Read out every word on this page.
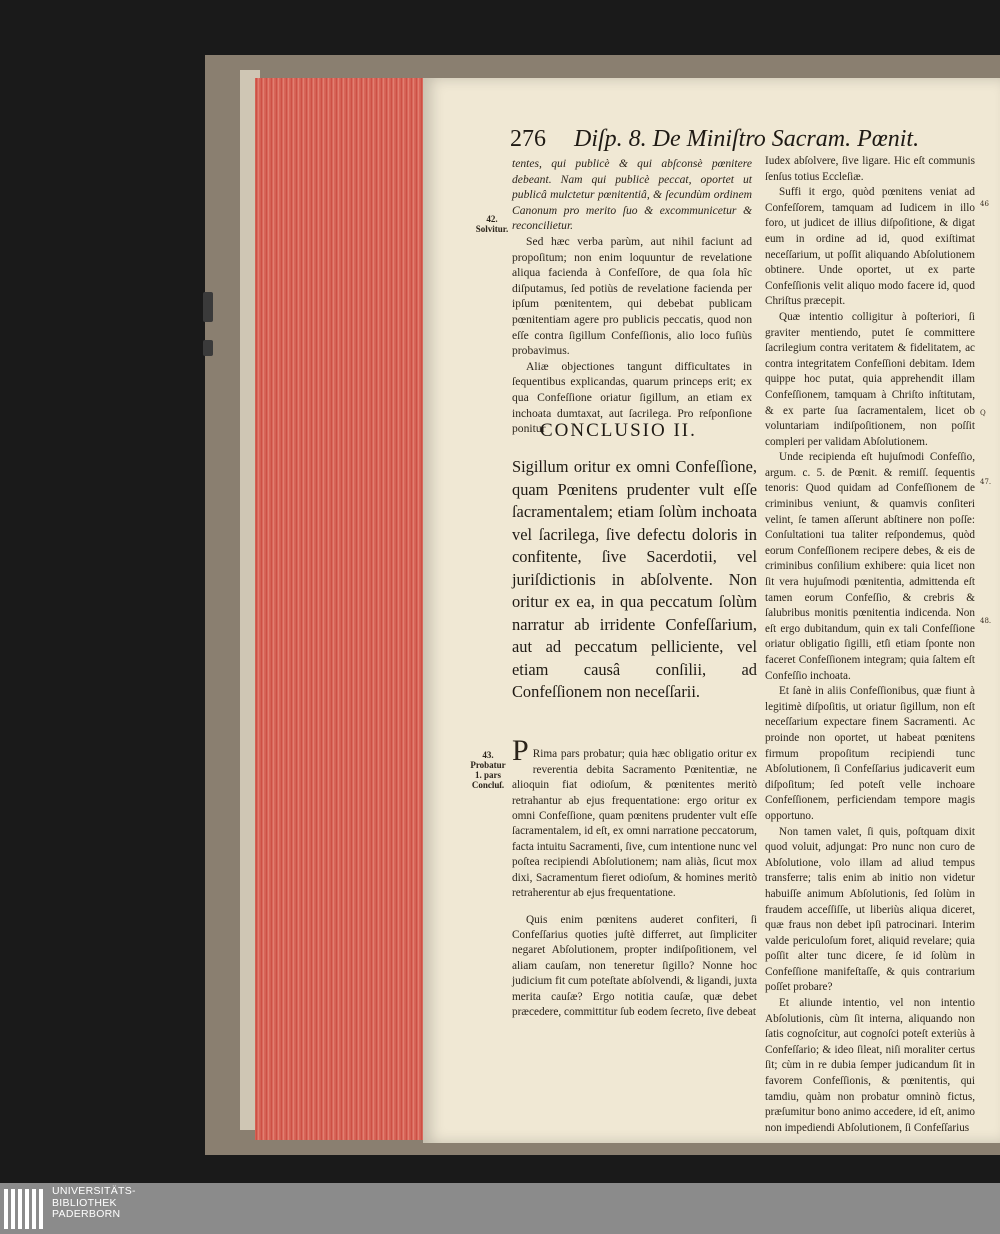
276 Diſp. 8. De Miniſtro Sacram. Pœnit.

tentes, qui publicè & qui abſconsè pœnitere debeant. Nam qui publicè peccat, oportet ut publicâ mulctetur pœnitentiâ, & ſecundùm ordinem Canonum pro merito ſuo & excommunicetur & reconcilietur.

Sed hæc verba parùm, aut nihil faciunt ad propoſitum; non enim loquuntur de revelatione aliqua facienda à Confeſſore, de qua ſola hîc diſputamus, ſed potiùs de revelatione facienda per ipſum pœnitentem, qui debebat publicam pœnitentiam agere pro publicis peccatis, quod non eſſe contra ſigillum Confeſſionis, alio loco fuſiùs probavimus.

Aliæ objectiones tangunt difficultates in ſequentibus explicandas, quarum princeps erit; ex qua Confeſſione oriatur ſigillum, an etiam ex inchoata dumtaxat, aut ſacrilega. Pro reſponſione ponitur

42.
Solvitur.
CONCLUSIO II.
Sigillum oritur ex omni Confeſſione, quam Pœnitens prudenter vult eſſe ſacramentalem; etiam ſolùm inchoata vel ſacrilega, ſive defectu doloris in confitente, ſive Sacerdotii, vel juriſdictionis in abſolvente. Non oritur ex ea, in qua peccatum ſolùm narratur ab irridente Confeſſarium, aut ad peccatum pelliciente, vel etiam causâ conſilii, ad Confeſſionem non neceſſarii.
43.
Probatur 1. pars Concluſ.
P Rima pars probatur; quia hæc obligatio oritur ex reverentia debita Sacramento Pœnitentiæ, ne alioquin fiat odioſum, & pœnitentes meritò retrahantur ab ejus frequentatione: ergo oritur ex omni Confeſſione, quam pœnitens prudenter vult eſſe ſacramentalem, id eſt, ex omni narratione peccatorum, facta intuitu Sacramenti, ſive, cum intentione nunc vel poſtea recipiendi Abſolutionem; nam aliàs, ſicut mox dixi, Sacramentum fieret odioſum, & homines meritò retraherentur ab ejus frequentatione.

Quis enim pœnitens auderet confiteri, ſi Confeſſarius quoties juſtè differret, aut ſimpliciter negaret Abſolutionem, propter indiſpoſitionem, vel aliam cauſam, non teneretur ſigillo? Nonne hoc judicium fit cum poteſtate abſolvendi, & ligandi, juxta merita cauſæ? Ergo notitia cauſæ, quæ debet præcedere, committitur ſub eodem ſecreto, ſive debeat

Iudex abſolvere, ſive ligare. Hic eſt communis ſenſus totius Eccleſiæ.

Suffi it ergo, quòd pœnitens veniat ad Confeſſorem, tamquam ad Iudicem in illo foro, ut judicet de illius diſpoſitione, & digat eum in ordine ad id, quod exiſtimat neceſſarium, ut poſſit aliquando Abſolutionem obtinere. Unde oportet, ut ex parte Confeſſionis velit aliquo modo facere id, quod Chriſtus præcepit.

Quæ intentio colligitur à poſteriori, ſi graviter mentiendo, putet ſe committere ſacrilegium contra veritatem & fidelitatem, ac contra integritatem Confeſſioni debitam. Idem quippe hoc putat, quia apprehendit illam Confeſſionem, tamquam à Chriſto inſtitutam, & ex parte ſua ſacramentalem, licet ob voluntariam indiſpoſitionem, non poſſit compleri per validam Abſolutionem.

Unde recipienda eſt hujuſmodi Confeſſio, argum. c. 5. de Pœnit. & remiſſ. ſequentis tenoris: Quod quidam ad Confeſſionem de criminibus veniunt, & quamvis conſiteri velint, ſe tamen aſſerunt abſtinere non poſſe: Conſultationi tua taliter reſpondemus, quòd eorum Confeſſionem recipere debes, & eis de criminibus conſilium exhibere: quia licet non ſit vera hujuſmodi pœnitentia, admittenda eſt tamen eorum Confeſſio, & crebris & ſalubribus monitis pœnitentia indicenda. Non eſt ergo dubitandum, quin ex tali Confeſſione oriatur obligatio ſigilli, etſi etiam ſponte non faceret Confeſſionem integram; quia ſaltem eſt Confeſſio inchoata.

Et ſanè in aliis Confeſſionibus, quæ fiunt à legitimè diſpoſitis, ut oriatur ſigillum, non eſt neceſſarium expectare finem Sacramenti. Ac proinde non oportet, ut habeat pœnitens firmum propoſitum recipiendi tunc Abſolutionem, ſi Confeſſarius judicaverit eum diſpoſitum; ſed poteſt velle inchoare Confeſſionem, perficiendam tempore magis opportuno.

Non tamen valet, ſi quis, poſtquam dixit quod voluit, adjungat: Pro nunc non curo de Abſolutione, volo illam ad aliud tempus transferre; talis enim ab initio non videtur habuiſſe animum Abſolutionis, ſed ſolùm in fraudem acceſſiſſe, ut liberiùs aliqua diceret, quæ fraus non debet ipſi patrocinari. Interim valde periculoſum foret, aliquid revelare; quia poſſit alter tunc dicere, ſe id ſolùm in Confeſſione manifeſtaſſe, & quis contrarium poſſet probare?

Et aliunde intentio, vel non intentio Abſolutionis, cùm ſit interna, aliquando non ſatis cognoſcitur, aut cognoſci poteſt exteriùs à Confeſſario; & ideo ſileat, niſi moraliter certus ſit; cùm in re dubia ſemper judicandum ſit in favorem Confeſſionis, & pœnitentis, qui tamdiu, quàm non probatur omninò fictus, præſumitur bono animo accedere, id eſt, animo non impediendi Abſolutionem, ſi Confeſſarius

46
Q
47.
48.
UNIVERSITÄTS-
BIBLIOTHEK
PADERBORN
